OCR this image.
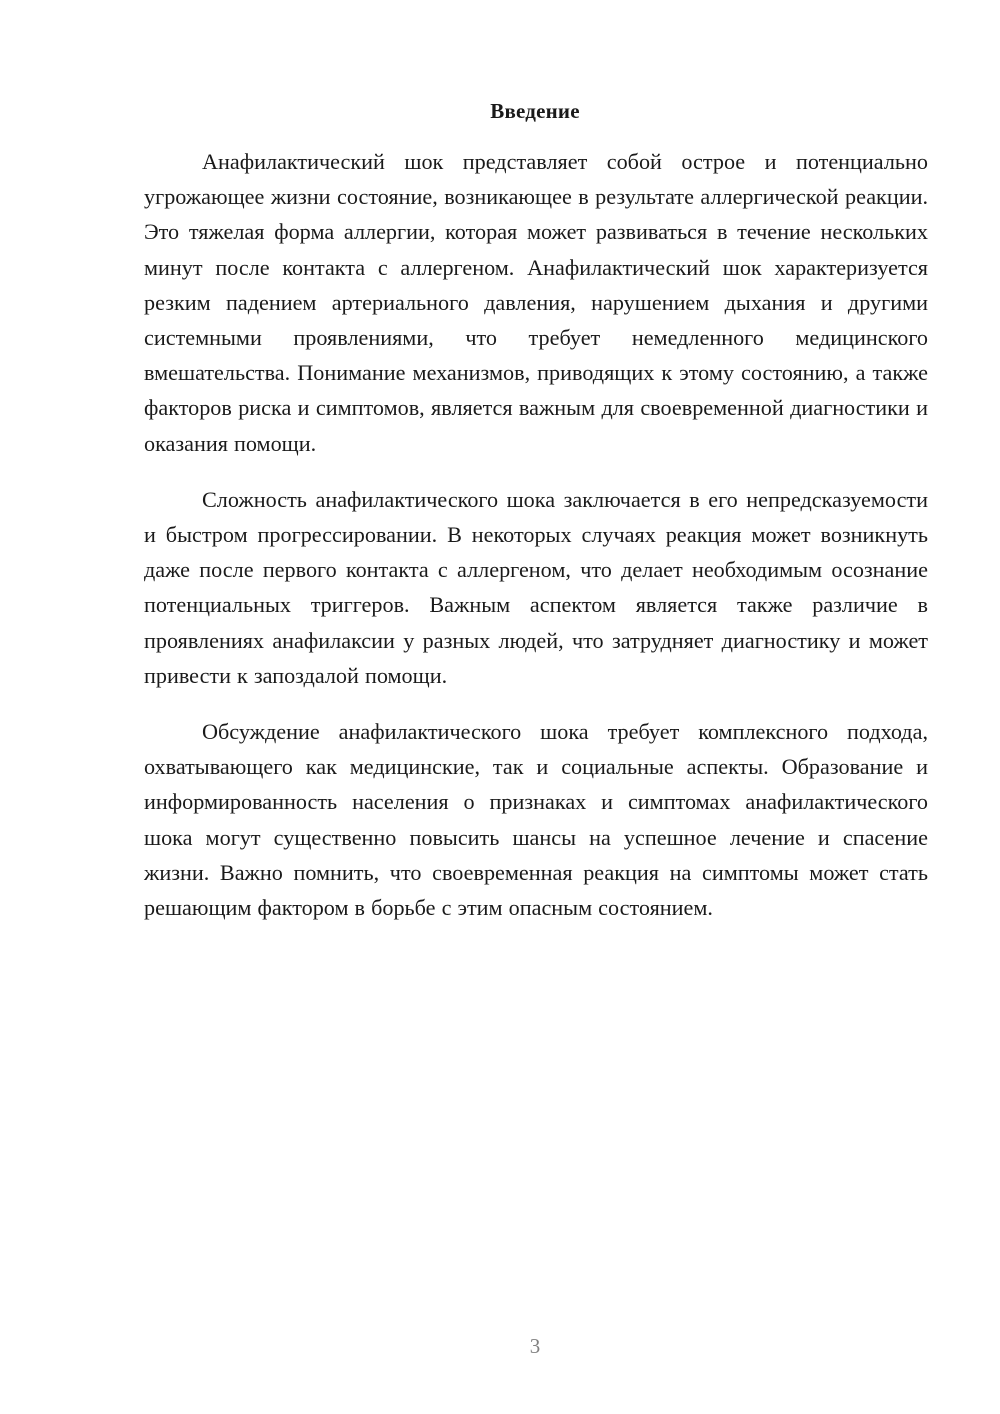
Введение

Анафилактический шок представляет собой острое и потенциально угрожающее жизни состояние, возникающее в результате аллергической реакции. Это тяжелая форма аллергии, которая может развиваться в течение нескольких минут после контакта с аллергеном. Анафилактический шок характеризуется резким падением артериального давления, нарушением дыхания и другими системными проявлениями, что требует немедленного медицинского вмешательства. Понимание механизмов, приводящих к этому состоянию, а также факторов риска и симптомов, является важным для своевременной диагностики и оказания помощи.

Сложность анафилактического шока заключается в его непредсказуемости и быстром прогрессировании. В некоторых случаях реакция может возникнуть даже после первого контакта с аллергеном, что делает необходимым осознание потенциальных триггеров. Важным аспектом является также различие в проявлениях анафилаксии у разных людей, что затрудняет диагностику и может привести к запоздалой помощи.

Обсуждение анафилактического шока требует комплексного подхода, охватывающего как медицинские, так и социальные аспекты. Образование и информированность населения о признаках и симптомах анафилактического шока могут существенно повысить шансы на успешное лечение и спасение жизни. Важно помнить, что своевременная реакция на симптомы может стать решающим фактором в борьбе с этим опасным состоянием.

3
